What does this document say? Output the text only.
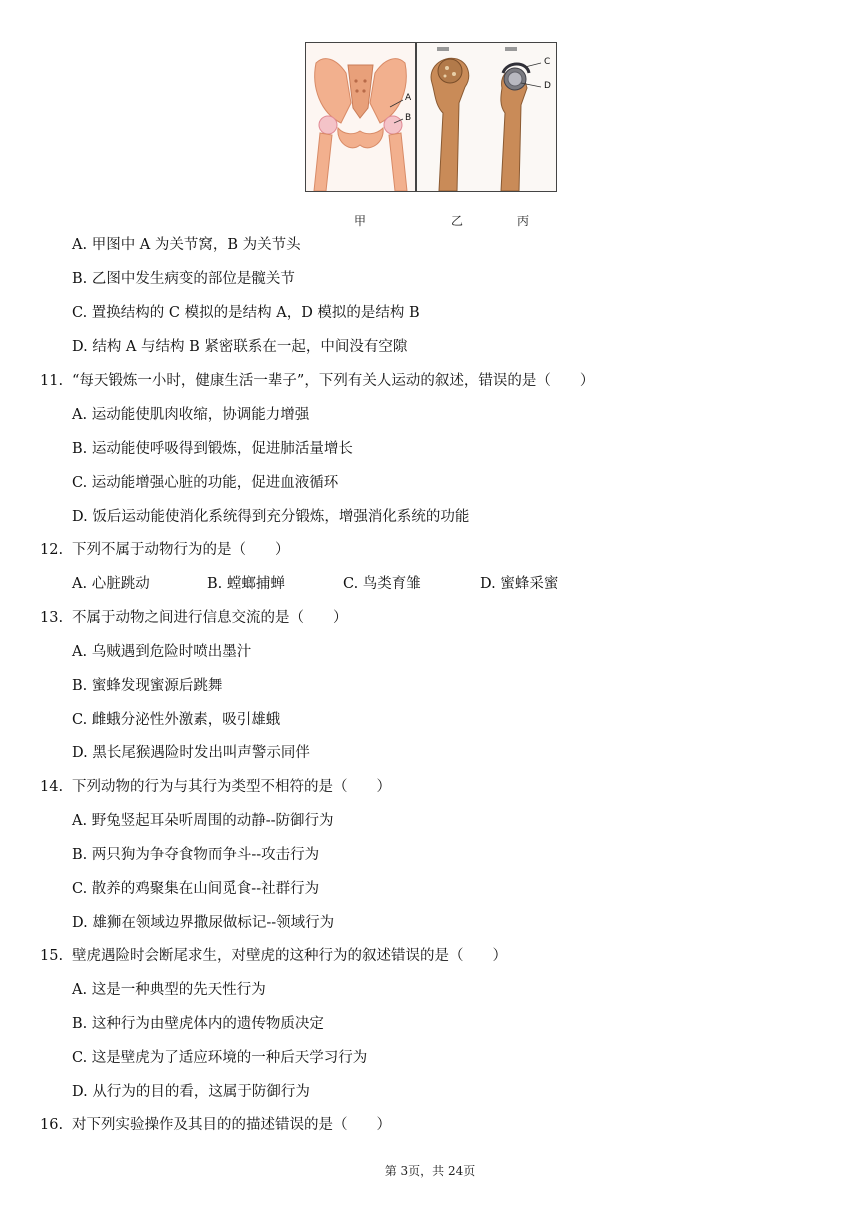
A
B
C
D
甲	乙	丙
A. 甲图中 A 为关节窝，B 为关节头
B. 乙图中发生病变的部位是髋关节
C. 置换结构的 C 模拟的是结构 A，D 模拟的是结构 B
D. 结构 A 与结构 B 紧密联系在一起，中间没有空隙
11. “每天锻炼一小时，健康生活一辈子”，下列有关人运动的叙述，错误的是（　　）
A. 运动能使肌肉收缩，协调能力增强
B. 运动能使呼吸得到锻炼，促进肺活量增长
C. 运动能增强心脏的功能，促进血液循环
D. 饭后运动能使消化系统得到充分锻炼，增强消化系统的功能
12. 下列不属于动物行为的是（　　）
A. 心脏跳动	B. 螳螂捕蝉	C. 鸟类育雏	D. 蜜蜂采蜜
13. 不属于动物之间进行信息交流的是（　　）
A. 乌贼遇到危险时喷出墨汁
B. 蜜蜂发现蜜源后跳舞
C. 雌蛾分泌性外激素，吸引雄蛾
D. 黑长尾猴遇险时发出叫声警示同伴
14. 下列动物的行为与其行为类型不相符的是（　　）
A. 野兔竖起耳朵听周围的动静--防御行为
B. 两只狗为争夺食物而争斗--攻击行为
C. 散养的鸡聚集在山间觅食--社群行为
D. 雄狮在领域边界撒尿做标记--领域行为
15. 壁虎遇险时会断尾求生，对壁虎的这种行为的叙述错误的是（　　）
A. 这是一种典型的先天性行为
B. 这种行为由壁虎体内的遗传物质决定
C. 这是壁虎为了适应环境的一种后天学习行为
D. 从行为的目的看，这属于防御行为
16. 对下列实验操作及其目的的描述错误的是（　　）
第 3页，共 24页
